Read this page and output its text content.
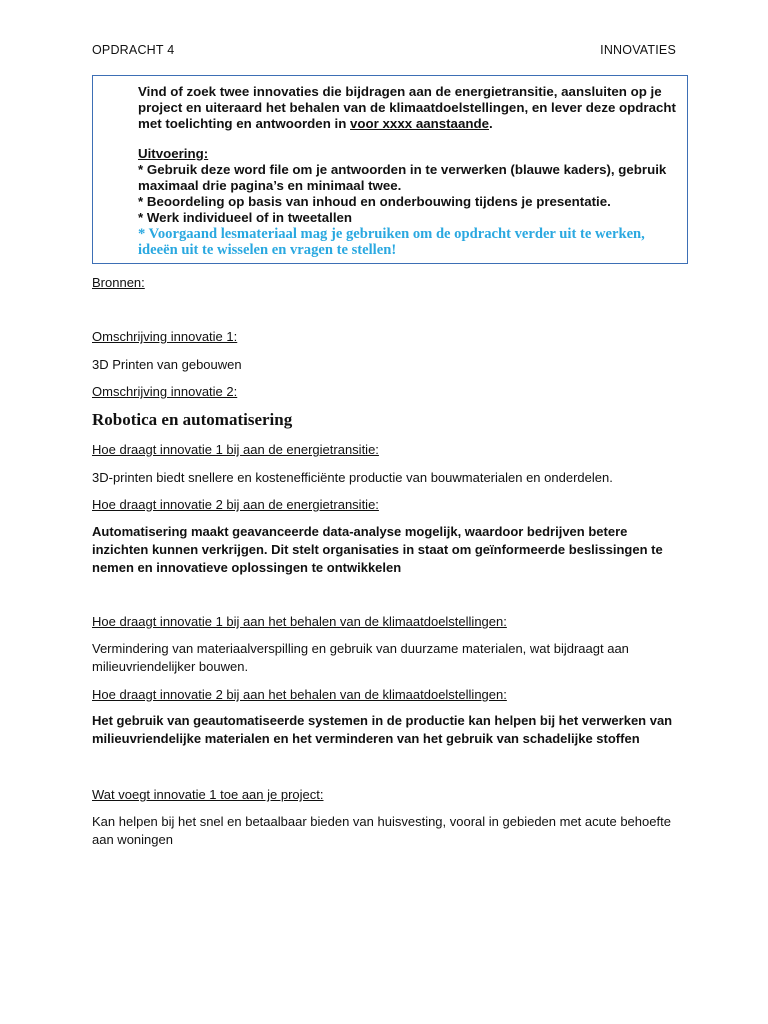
OPDRACHT 4	INNOVATIES

Vind of zoek twee innovaties die bijdragen aan de energietransitie, aansluiten op je project en uiteraard het behalen van de klimaatdoelstellingen, en lever deze opdracht met toelichting en antwoorden in voor xxxx aanstaande.

Uitvoering:

* Gebruik deze word file om je antwoorden in te verwerken (blauwe kaders), gebruik maximaal drie pagina’s en minimaal twee.

* Beoordeling op basis van inhoud en onderbouwing tijdens je presentatie.

* Werk individueel of in tweetallen

* Voorgaand lesmateriaal mag je gebruiken om de opdracht verder uit te werken, ideeën uit te wisselen en vragen te stellen!

Bronnen:

Omschrijving innovatie 1:

3D Printen van gebouwen

Omschrijving innovatie 2:

Robotica en automatisering

Hoe draagt innovatie 1 bij aan de energietransitie:

3D-printen biedt snellere en kostenefficiënte productie van bouwmaterialen en onderdelen.

Hoe draagt innovatie 2 bij aan de energietransitie:

Automatisering maakt geavanceerde data-analyse mogelijk, waardoor bedrijven betere inzichten kunnen verkrijgen. Dit stelt organisaties in staat om geïnformeerde beslissingen te nemen en innovatieve oplossingen te ontwikkelen

Hoe draagt innovatie 1 bij aan het behalen van de klimaatdoelstellingen:

Vermindering van materiaalverspilling en gebruik van duurzame materialen, wat bijdraagt aan milieuvriendelijker bouwen.

Hoe draagt innovatie 2 bij aan het behalen van de klimaatdoelstellingen:

Het gebruik van geautomatiseerde systemen in de productie kan helpen bij het verwerken van milieuvriendelijke materialen en het verminderen van het gebruik van schadelijke stoffen

Wat voegt innovatie 1 toe aan je project:

Kan helpen bij het snel en betaalbaar bieden van huisvesting, vooral in gebieden met acute behoefte aan woningen
